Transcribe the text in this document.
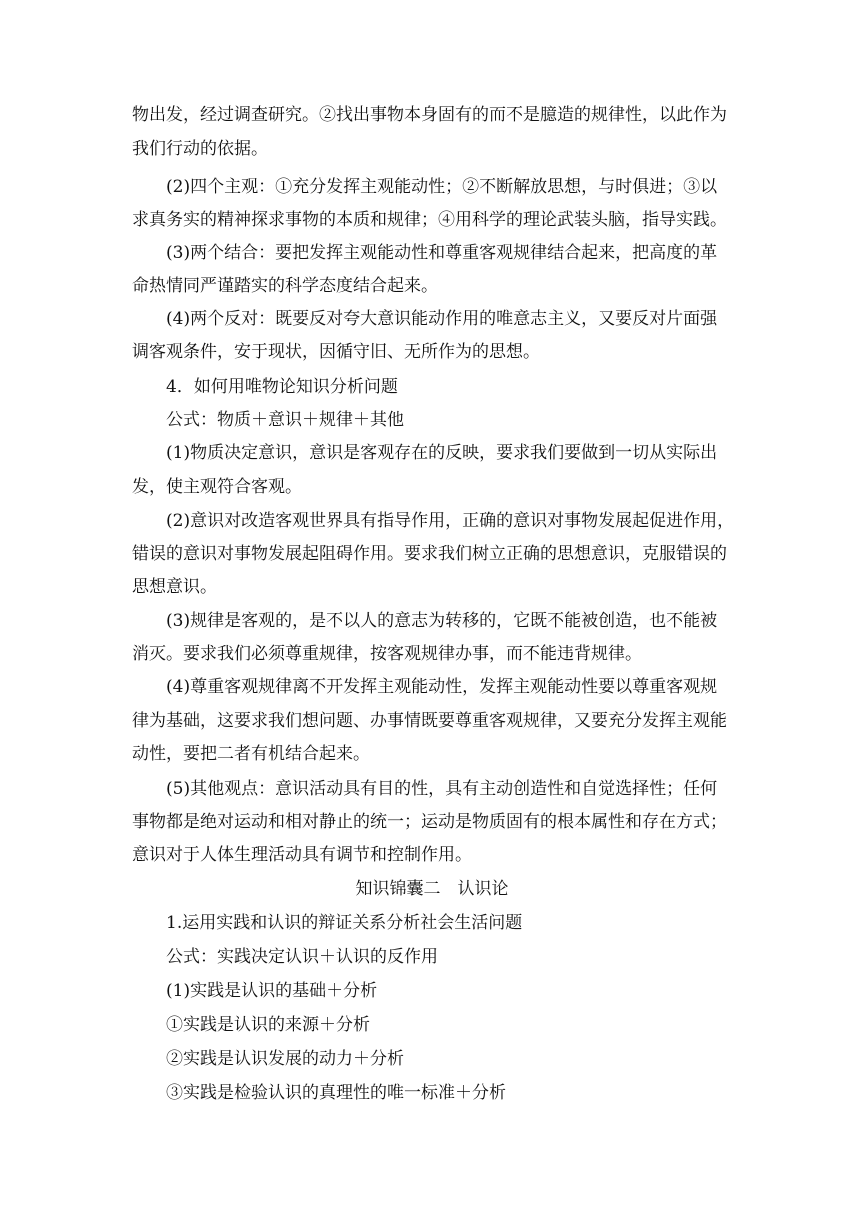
物出发，经过调查研究。②找出事物本身固有的而不是臆造的规律性，以此作为
我们行动的依据。
(2)四个主观：①充分发挥主观能动性；②不断解放思想，与时俱进；③以
求真务实的精神探求事物的本质和规律；④用科学的理论武装头脑，指导实践。
(3)两个结合：要把发挥主观能动性和尊重客观规律结合起来，把高度的革
命热情同严谨踏实的科学态度结合起来。
(4)两个反对：既要反对夸大意识能动作用的唯意志主义，又要反对片面强
调客观条件，安于现状，因循守旧、无所作为的思想。
4．如何用唯物论知识分析问题
公式：物质＋意识＋规律＋其他
(1)物质决定意识，意识是客观存在的反映，要求我们要做到一切从实际出
发，使主观符合客观。
(2)意识对改造客观世界具有指导作用，正确的意识对事物发展起促进作用，
错误的意识对事物发展起阻碍作用。要求我们树立正确的思想意识，克服错误的
思想意识。
(3)规律是客观的，是不以人的意志为转移的，它既不能被创造，也不能被
消灭。要求我们必须尊重规律，按客观规律办事，而不能违背规律。
(4)尊重客观规律离不开发挥主观能动性，发挥主观能动性要以尊重客观规
律为基础，这要求我们想问题、办事情既要尊重客观规律，又要充分发挥主观能
动性，要把二者有机结合起来。
(5)其他观点：意识活动具有目的性，具有主动创造性和自觉选择性；任何
事物都是绝对运动和相对静止的统一；运动是物质固有的根本属性和存在方式；
意识对于人体生理活动具有调节和控制作用。
知识锦囊二　认识论
1.运用实践和认识的辩证关系分析社会生活问题
公式：实践决定认识＋认识的反作用
(1)实践是认识的基础＋分析
①实践是认识的来源＋分析
②实践是认识发展的动力＋分析
③实践是检验认识的真理性的唯一标准＋分析
